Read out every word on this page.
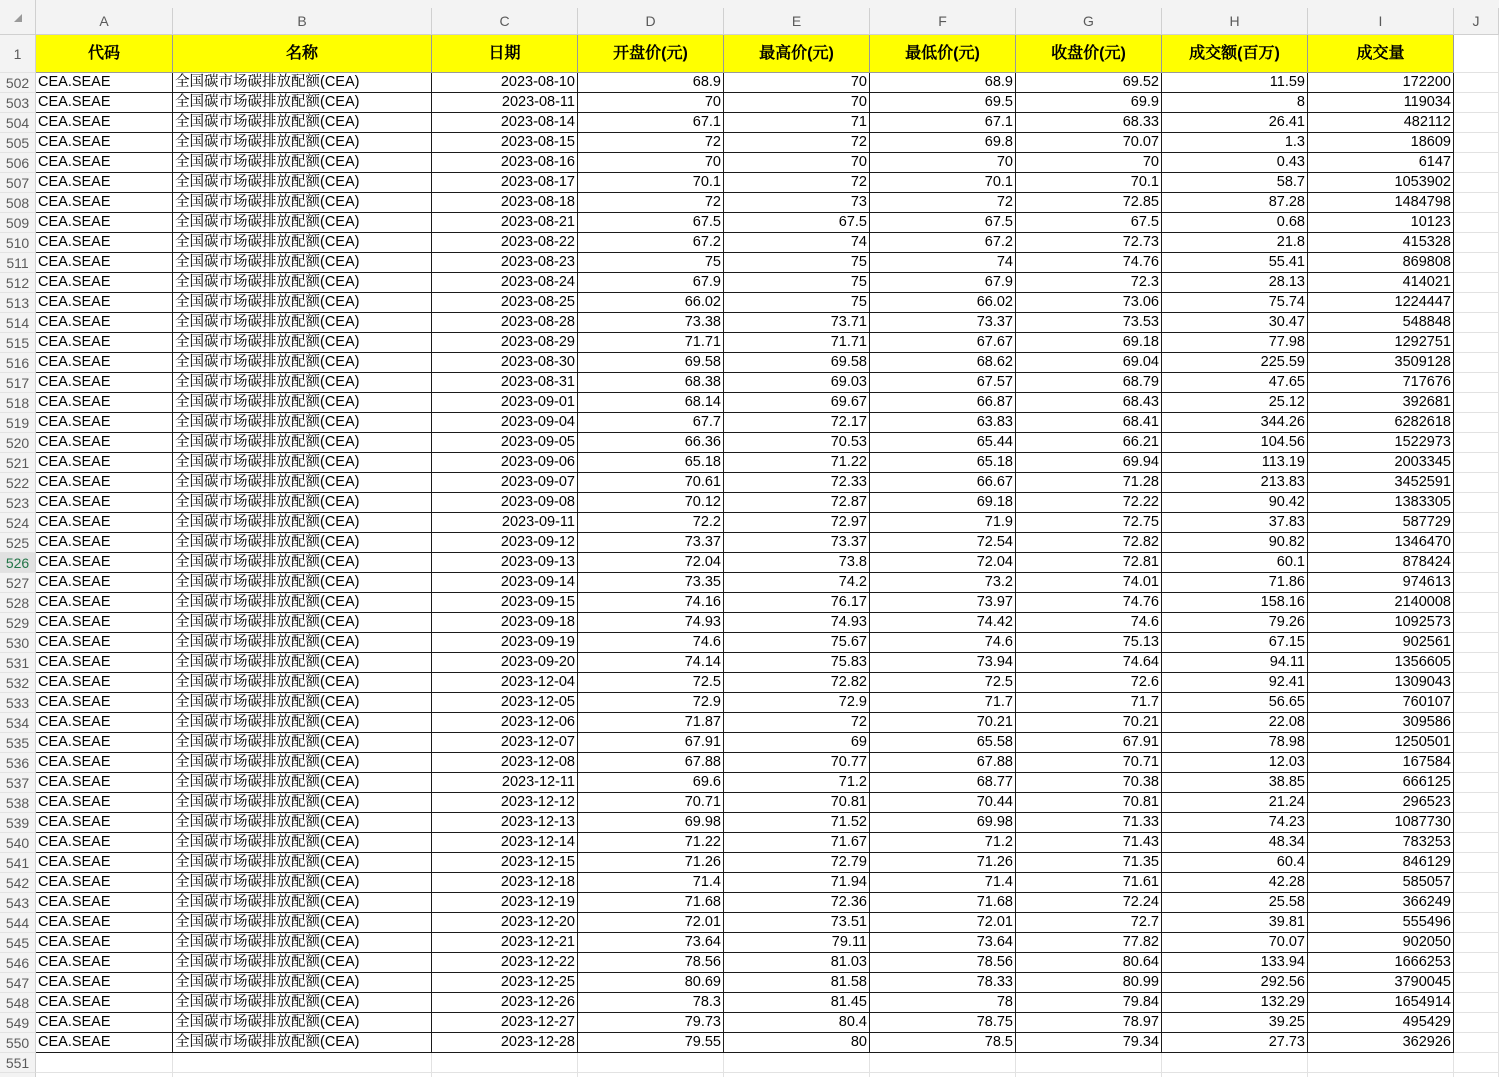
A	B	C	D	E	F	G	H	I	J
1	代码	名称	日期	开盘价(元)	最高价(元)	最低价(元)	收盘价(元)	成交额(百万)	成交量
502 CEA.SEAE	全国碳市场碳排放配额(CEA)	2023-08-10	68.9	70	68.9	69.52	11.59	172200
503 CEA.SEAE	全国碳市场碳排放配额(CEA)	2023-08-11	70	70	69.5	69.9	8	119034
504 CEA.SEAE	全国碳市场碳排放配额(CEA)	2023-08-14	67.1	71	67.1	68.33	26.41	482112
505 CEA.SEAE	全国碳市场碳排放配额(CEA)	2023-08-15	72	72	69.8	70.07	1.3	18609
506 CEA.SEAE	全国碳市场碳排放配额(CEA)	2023-08-16	70	70	70	70	0.43	6147
507 CEA.SEAE	全国碳市场碳排放配额(CEA)	2023-08-17	70.1	72	70.1	70.1	58.7	1053902
508 CEA.SEAE	全国碳市场碳排放配额(CEA)	2023-08-18	72	73	72	72.85	87.28	1484798
509 CEA.SEAE	全国碳市场碳排放配额(CEA)	2023-08-21	67.5	67.5	67.5	67.5	0.68	10123
510 CEA.SEAE	全国碳市场碳排放配额(CEA)	2023-08-22	67.2	74	67.2	72.73	21.8	415328
511 CEA.SEAE	全国碳市场碳排放配额(CEA)	2023-08-23	75	75	74	74.76	55.41	869808
512 CEA.SEAE	全国碳市场碳排放配额(CEA)	2023-08-24	67.9	75	67.9	72.3	28.13	414021
513 CEA.SEAE	全国碳市场碳排放配额(CEA)	2023-08-25	66.02	75	66.02	73.06	75.74	1224447
514 CEA.SEAE	全国碳市场碳排放配额(CEA)	2023-08-28	73.38	73.71	73.37	73.53	30.47	548848
515 CEA.SEAE	全国碳市场碳排放配额(CEA)	2023-08-29	71.71	71.71	67.67	69.18	77.98	1292751
516 CEA.SEAE	全国碳市场碳排放配额(CEA)	2023-08-30	69.58	69.58	68.62	69.04	225.59	3509128
517 CEA.SEAE	全国碳市场碳排放配额(CEA)	2023-08-31	68.38	69.03	67.57	68.79	47.65	717676
518 CEA.SEAE	全国碳市场碳排放配额(CEA)	2023-09-01	68.14	69.67	66.87	68.43	25.12	392681
519 CEA.SEAE	全国碳市场碳排放配额(CEA)	2023-09-04	67.7	72.17	63.83	68.41	344.26	6282618
520 CEA.SEAE	全国碳市场碳排放配额(CEA)	2023-09-05	66.36	70.53	65.44	66.21	104.56	1522973
521 CEA.SEAE	全国碳市场碳排放配额(CEA)	2023-09-06	65.18	71.22	65.18	69.94	113.19	2003345
522 CEA.SEAE	全国碳市场碳排放配额(CEA)	2023-09-07	70.61	72.33	66.67	71.28	213.83	3452591
523 CEA.SEAE	全国碳市场碳排放配额(CEA)	2023-09-08	70.12	72.87	69.18	72.22	90.42	1383305
524 CEA.SEAE	全国碳市场碳排放配额(CEA)	2023-09-11	72.2	72.97	71.9	72.75	37.83	587729
525 CEA.SEAE	全国碳市场碳排放配额(CEA)	2023-09-12	73.37	73.37	72.54	72.82	90.82	1346470
526 CEA.SEAE	全国碳市场碳排放配额(CEA)	2023-09-13	72.04	73.8	72.04	72.81	60.1	878424
527 CEA.SEAE	全国碳市场碳排放配额(CEA)	2023-09-14	73.35	74.2	73.2	74.01	71.86	974613
528 CEA.SEAE	全国碳市场碳排放配额(CEA)	2023-09-15	74.16	76.17	73.97	74.76	158.16	2140008
529 CEA.SEAE	全国碳市场碳排放配额(CEA)	2023-09-18	74.93	74.93	74.42	74.6	79.26	1092573
530 CEA.SEAE	全国碳市场碳排放配额(CEA)	2023-09-19	74.6	75.67	74.6	75.13	67.15	902561
531 CEA.SEAE	全国碳市场碳排放配额(CEA)	2023-09-20	74.14	75.83	73.94	74.64	94.11	1356605
532 CEA.SEAE	全国碳市场碳排放配额(CEA)	2023-12-04	72.5	72.82	72.5	72.6	92.41	1309043
533 CEA.SEAE	全国碳市场碳排放配额(CEA)	2023-12-05	72.9	72.9	71.7	71.7	56.65	760107
534 CEA.SEAE	全国碳市场碳排放配额(CEA)	2023-12-06	71.87	72	70.21	70.21	22.08	309586
535 CEA.SEAE	全国碳市场碳排放配额(CEA)	2023-12-07	67.91	69	65.58	67.91	78.98	1250501
536 CEA.SEAE	全国碳市场碳排放配额(CEA)	2023-12-08	67.88	70.77	67.88	70.71	12.03	167584
537 CEA.SEAE	全国碳市场碳排放配额(CEA)	2023-12-11	69.6	71.2	68.77	70.38	38.85	666125
538 CEA.SEAE	全国碳市场碳排放配额(CEA)	2023-12-12	70.71	70.81	70.44	70.81	21.24	296523
539 CEA.SEAE	全国碳市场碳排放配额(CEA)	2023-12-13	69.98	71.52	69.98	71.33	74.23	1087730
540 CEA.SEAE	全国碳市场碳排放配额(CEA)	2023-12-14	71.22	71.67	71.2	71.43	48.34	783253
541 CEA.SEAE	全国碳市场碳排放配额(CEA)	2023-12-15	71.26	72.79	71.26	71.35	60.4	846129
542 CEA.SEAE	全国碳市场碳排放配额(CEA)	2023-12-18	71.4	71.94	71.4	71.61	42.28	585057
543 CEA.SEAE	全国碳市场碳排放配额(CEA)	2023-12-19	71.68	72.36	71.68	72.24	25.58	366249
544 CEA.SEAE	全国碳市场碳排放配额(CEA)	2023-12-20	72.01	73.51	72.01	72.7	39.81	555496
545 CEA.SEAE	全国碳市场碳排放配额(CEA)	2023-12-21	73.64	79.11	73.64	77.82	70.07	902050
546 CEA.SEAE	全国碳市场碳排放配额(CEA)	2023-12-22	78.56	81.03	78.56	80.64	133.94	1666253
547 CEA.SEAE	全国碳市场碳排放配额(CEA)	2023-12-25	80.69	81.58	78.33	80.99	292.56	3790045
548 CEA.SEAE	全国碳市场碳排放配额(CEA)	2023-12-26	78.3	81.45	78	79.84	132.29	1654914
549 CEA.SEAE	全国碳市场碳排放配额(CEA)	2023-12-27	79.73	80.4	78.75	78.97	39.25	495429
550 CEA.SEAE	全国碳市场碳排放配额(CEA)	2023-12-28	79.55	80	78.5	79.34	27.73	362926
551
